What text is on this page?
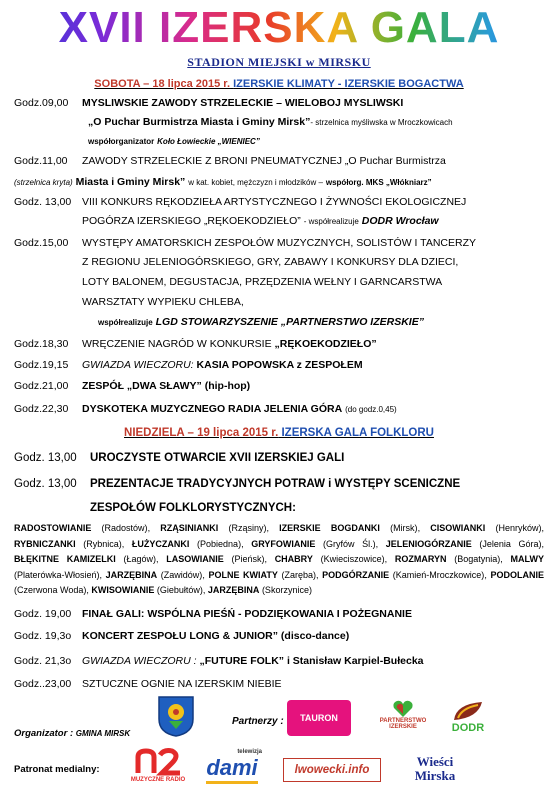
XVII IZERSKA GALA
STADION MIEJSKI w MIRSKU
SOBOTA – 18 lipca 2015 r. IZERSKIE KLIMATY - IZERSKIE BOGACTWA
Godz.09,00 MYSLIWSKIE ZAWODY STRZELECKIE – WIELOBOJ MYSLIWSKI
„O Puchar Burmistrza Miasta i Gminy Mirsk”- strzelnica myśliwska w Mroczkowicach
współorganizator Koło Łowieckie „WIENIEC”
Godz.11,00 ZAWODY STRZELECKIE Z BRONI PNEUMATYCZNEJ „O Puchar Burmistrza
(strzelnica kryta) Miasta i Gminy Mirsk” w kat. kobiet, mężczyzn i młodzików – współorg. MKS „Włókniarz”
Godz. 13,00 VIII KONKURS RĘKODZIEŁA ARTYSTYCZNEGO I ŻYWNOŚCI EKOLOGICZNEJ
POGÓRZA IZERSKIEGO „RĘKOEKODZIEŁO” - współrealizuje DODR Wrocław
Godz.15,00 WYSTĘPY AMATORSKICH ZESPOŁÓW MUZYCZNYCH, SOLISTÓW I TANCERZY
Z REGIONU JELENIOGÓRSKIEGO, GRY, ZABAWY I KONKURSY DLA DZIECI,
LOTY BALONEM, DEGUSTACJA, PRZĘDZENIA WEŁNY I GARNCARSTWA
WARSZTATY WYPIEKU CHLEBA,
współrealizuje LGD STOWARZYSZENIE „PARTNERSTWO IZERSKIE”
Godz.18,30 WRĘCZENIE NAGRÓD W KONKURSIE „RĘKOEKODZIEŁO”
Godz.19,15 GWIAZDA WIECZORU: KASIA POPOWSKA z ZESPOŁEM
Godz.21,00 ZESPÓŁ „DWA SŁAWY” (hip-hop)
Godz.22,30 DYSKOTEKA MUZYCZNEGO RADIA JELENIA GÓRA (do godz.0,45)
NIEDZIELA – 19 lipca 2015 r. IZERSKA GALA FOLKLORU
Godz. 13,00 UROCZYSTE OTWARCIE XVII IZERSKIEJ GALI
Godz. 13,00 PREZENTACJE TRADYCYJNYCH POTRAW i WYSTĘPY SCENICZNE
ZESPOŁÓW FOLKLORYSTYCZNYCH:
RADOSTOWIANIE (Radostów), RZĄSINIANKI (Rząsiny), IZERSKIE BOGDANKI (Mirsk), CISOWIANKI (Henryków), RYBNICZANKI (Rybnica), ŁUŻYCZANKI (Pobiedna), GRYFOWIANIE (Gryfów Śl.), JELENIOGÓRZANIE (Jelenia Góra), BŁĘKITNE KAMIZELKI (Łagów), LASOWIANIE (Pieńsk), CHABRY (Kwieciszowice), ROZMARYN (Bogatynia), MALWY (Platerówka-Włosień), JARZĘBINA (Zawidów), POLNE KWIATY (Zaręba), PODGÓRZANIE (Kamień-Mroczkowice), PODOLANIE (Czerwona Woda), KWISOWIANIE (Giebułtów), JARZĘBINA (Skorzynice)
Godz. 19,00 FINAŁ GALI: WSPÓLNA PIEŚŃ - PODZIĘKOWANIA I POŻEGNANIE
Godz. 19,3o KONCERT ZESPOŁU LONG & JUNIOR” (disco-dance)
Godz. 21,3o GWIAZDA WIECZORU : „FUTURE FOLK” i Stanisław Karpiel-Bułecka
Godz..23,00 SZTUCZNE OGNIE NA IZERSKIM NIEBIE
Organizator : GMINA MIRSK
Partnerzy : TAURON	PARTNERSTWO IZERSKIE	DODR
Patronat medialny:
MUZYCZNE RADIO
telewizja
dami	lwowecki.info
Wieści Mirska
